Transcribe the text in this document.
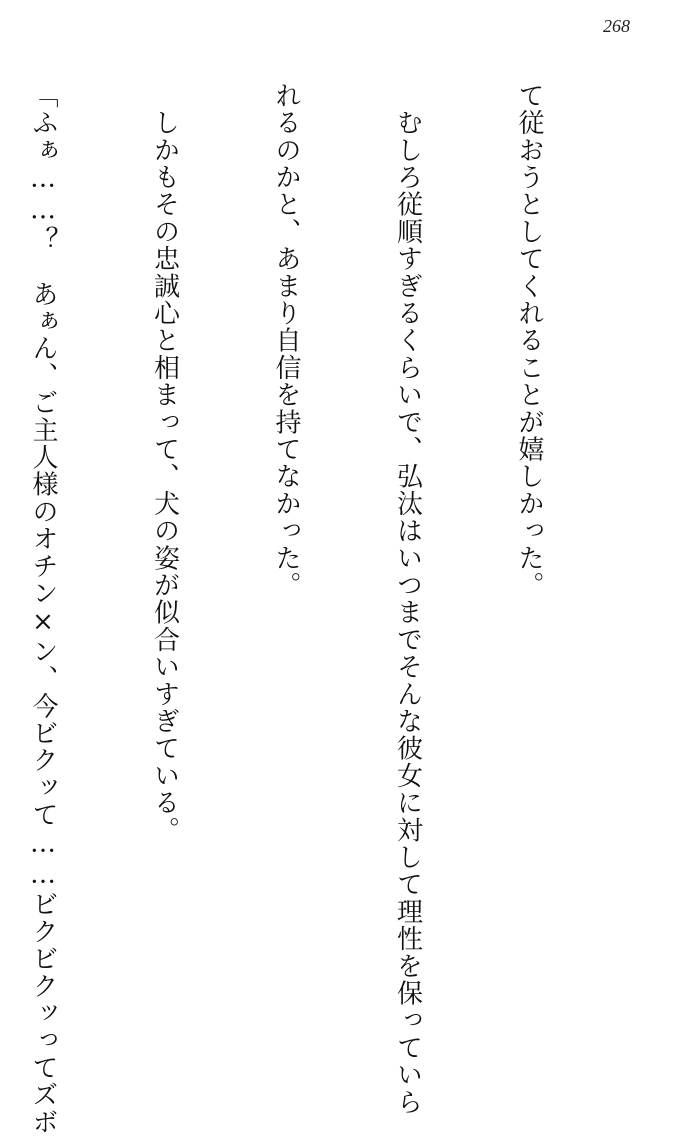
268

て従おうとしてくれることが嬉しかった。

　むしろ従順すぎるくらいで、弘汰はいつまでそんな彼女に対して理性を保っていら

れるのかと、あまり自信を持てなかった。

　しかもその忠誠心と相まって、犬の姿が似合いすぎている。

「ふぁ……？　あぁん、ご主人様のオチン×ン、今ビクッて……ビクビクッってズボ
